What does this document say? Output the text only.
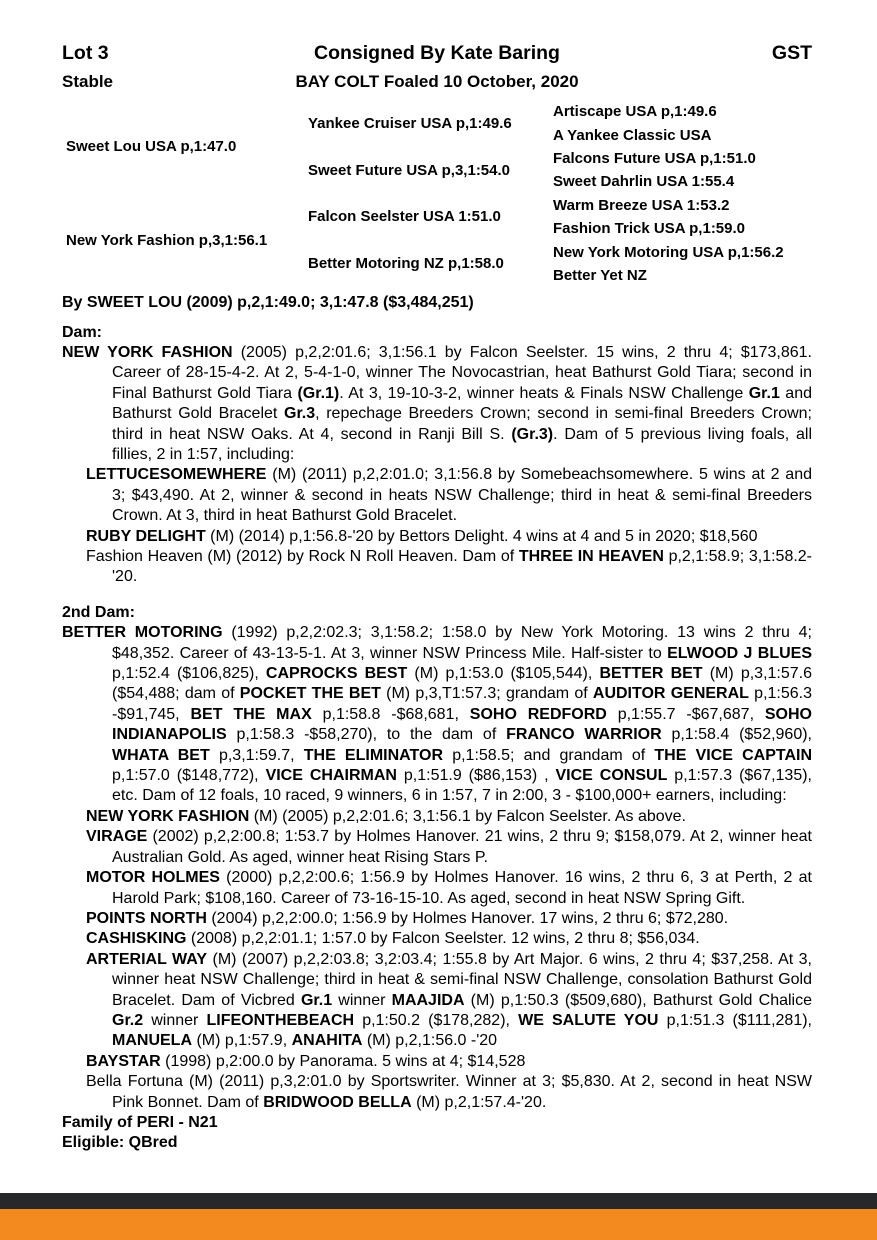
Lot 3	Consigned By Kate Baring	GST
Stable	BAY COLT Foaled 10 October, 2020
Sweet Lou USA p,1:47.0
New York Fashion p,3,1:56.1
Yankee Cruiser USA p,1:49.6
Sweet Future USA p,3,1:54.0
Falcon Seelster USA 1:51.0
Better Motoring NZ p,1:58.0
Artiscape USA p,1:49.6
A Yankee Classic USA
Falcons Future USA p,1:51.0
Sweet Dahrlin USA 1:55.4
Warm Breeze USA 1:53.2
Fashion Trick USA p,1:59.0
New York Motoring USA p,1:56.2
Better Yet NZ

By SWEET LOU (2009) p,2,1:49.0; 3,1:47.8 ($3,484,251)

Dam:

NEW YORK FASHION (2005) p,2,2:01.6; 3,1:56.1 by Falcon Seelster. 15 wins, 2 thru 4; $173,861. Career of 28-15-4-2. At 2, 5-4-1-0, winner The Novocastrian, heat Bathurst Gold Tiara; second in Final Bathurst Gold Tiara (Gr.1). At 3, 19-10-3-2, winner heats & Finals NSW Challenge Gr.1 and Bathurst Gold Bracelet Gr.3, repechage Breeders Crown; second in semi-final Breeders Crown; third in heat NSW Oaks. At 4, second in Ranji Bill S. (Gr.3). Dam of 5 previous living foals, all fillies, 2 in 1:57, including:

LETTUCESOMEWHERE (M) (2011) p,2,2:01.0; 3,1:56.8 by Somebeachsomewhere. 5 wins at 2 and 3; $43,490. At 2, winner & second in heats NSW Challenge; third in heat & semi-final Breeders Crown. At 3, third in heat Bathurst Gold Bracelet.

RUBY DELIGHT (M) (2014) p,1:56.8-'20 by Bettors Delight. 4 wins at 4 and 5 in 2020; $18,560

Fashion Heaven (M) (2012) by Rock N Roll Heaven. Dam of THREE IN HEAVEN p,2,1:58.9; 3,1:58.2-'20.

2nd Dam:

BETTER MOTORING (1992) p,2,2:02.3; 3,1:58.2; 1:58.0 by New York Motoring. 13 wins 2 thru 4; $48,352. Career of 43-13-5-1. At 3, winner NSW Princess Mile. Half-sister to ELWOOD J BLUES p,1:52.4 ($106,825), CAPROCKS BEST (M) p,1:53.0 ($105,544), BETTER BET (M) p,3,1:57.6 ($54,488; dam of POCKET THE BET (M) p,3,T1:57.3; grandam of AUDITOR GENERAL p,1:56.3 -$91,745, BET THE MAX p,1:58.8 -$68,681, SOHO REDFORD p,1:55.7 -$67,687, SOHO INDIANAPOLIS p,1:58.3 -$58,270), to the dam of FRANCO WARRIOR p,1:58.4 ($52,960), WHATA BET p,3,1:59.7, THE ELIMINATOR p,1:58.5; and grandam of THE VICE CAPTAIN p,1:57.0 ($148,772), VICE CHAIRMAN p,1:51.9 ($86,153) , VICE CONSUL p,1:57.3 ($67,135), etc. Dam of 12 foals, 10 raced, 9 winners, 6 in 1:57, 7 in 2:00, 3 - $100,000+ earners, including:

NEW YORK FASHION (M) (2005) p,2,2:01.6; 3,1:56.1 by Falcon Seelster. As above.

VIRAGE (2002) p,2,2:00.8; 1:53.7 by Holmes Hanover. 21 wins, 2 thru 9; $158,079. At 2, winner heat Australian Gold. As aged, winner heat Rising Stars P.

MOTOR HOLMES (2000) p,2,2:00.6; 1:56.9 by Holmes Hanover. 16 wins, 2 thru 6, 3 at Perth, 2 at Harold Park; $108,160. Career of 73-16-15-10. As aged, second in heat NSW Spring Gift.

POINTS NORTH (2004) p,2,2:00.0; 1:56.9 by Holmes Hanover. 17 wins, 2 thru 6; $72,280.

CASHISKING (2008) p,2,2:01.1; 1:57.0 by Falcon Seelster. 12 wins, 2 thru 8; $56,034.

ARTERIAL WAY (M) (2007) p,2,2:03.8; 3,2:03.4; 1:55.8 by Art Major. 6 wins, 2 thru 4; $37,258. At 3, winner heat NSW Challenge; third in heat & semi-final NSW Challenge, consolation Bathurst Gold Bracelet. Dam of Vicbred Gr.1 winner MAAJIDA (M) p,1:50.3 ($509,680), Bathurst Gold Chalice Gr.2 winner LIFEONTHEBEACH p,1:50.2 ($178,282), WE SALUTE YOU p,1:51.3 ($111,281), MANUELA (M) p,1:57.9, ANAHITA (M) p,2,1:56.0 -'20

BAYSTAR (1998) p,2:00.0 by Panorama. 5 wins at 4; $14,528

Bella Fortuna (M) (2011) p,3,2:01.0 by Sportswriter. Winner at 3; $5,830. At 2, second in heat NSW Pink Bonnet. Dam of BRIDWOOD BELLA (M) p,2,1:57.4-'20.

Family of PERI - N21

Eligible: QBred
